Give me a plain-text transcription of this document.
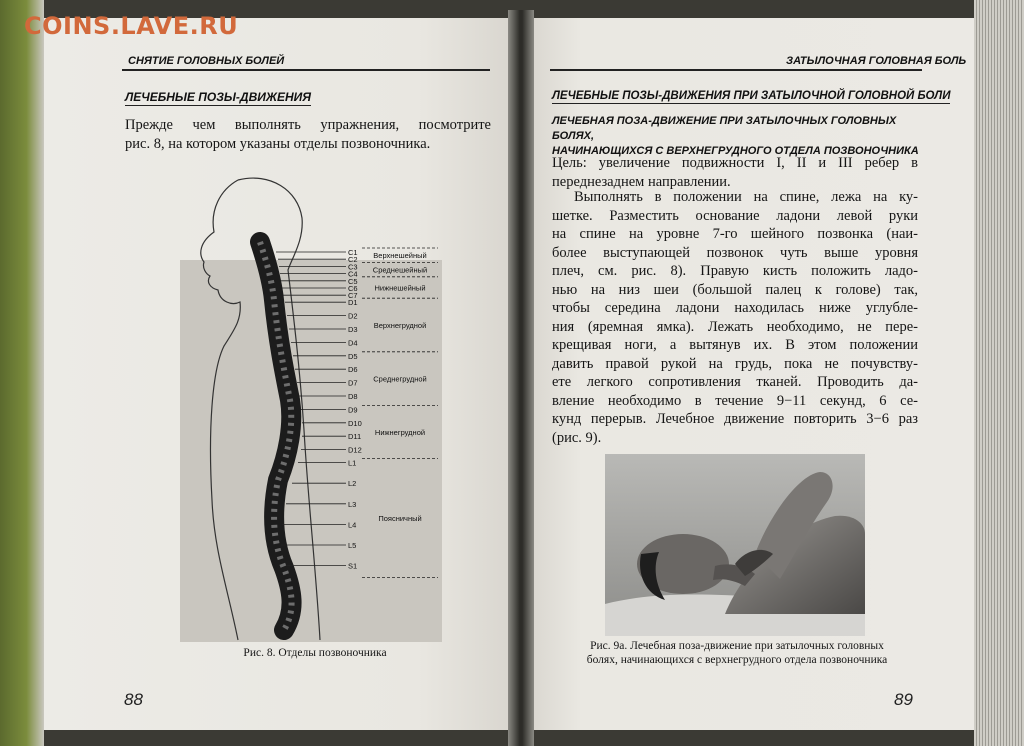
COINS.LAVE.RU
СНЯТИЕ ГОЛОВНЫХ БОЛЕЙ
ЛЕЧЕБНЫЕ ПОЗЫ-ДВИЖЕНИЯ
Прежде чем выполнять упражнения, посмотрите
рис. 8, на котором указаны отделы позвоночника.
C1
C2
C3
C4
C5
C6
C7
D1
D2
D3
D4
D5
D6
D7
D8
D9
D10
D11
D12
L1
L2
L3
L4
L5
S1
Верхнешейный
Среднешейный
Нижнешейный
Верхнегрудной
Среднегрудной
Нижнегрудной
Поясничный
Рис. 8. Отделы позвоночника
88
ЗАТЫЛОЧНАЯ ГОЛОВНАЯ БОЛЬ
ЛЕЧЕБНЫЕ ПОЗЫ-ДВИЖЕНИЯ ПРИ ЗАТЫЛОЧНОЙ ГОЛОВНОЙ БОЛИ
ЛЕЧЕБНАЯ ПОЗА-ДВИЖЕНИЕ ПРИ ЗАТЫЛОЧНЫХ ГОЛОВНЫХ БОЛЯХ,
НАЧИНАЮЩИХСЯ С ВЕРХНЕГРУДНОГО ОТДЕЛА ПОЗВОНОЧНИКА
Цель: увеличение подвижности I, II и III ребер в
переднезаднем направлении.
Выполнять в положении на спине, лежа на ку-
шетке. Разместить основание ладони левой руки
на спине на уровне 7-го шейного позвонка (наи-
более выступающей позвонок чуть выше уровня
плеч, см. рис. 8). Правую кисть положить ладо-
нью на низ шеи (большой палец к голове) так,
чтобы середина ладони находилась ниже углубле-
ния (яремная ямка). Лежать необходимо, не пере-
крещивая ноги, а вытянув их. В этом положении
давить правой рукой на грудь, пока не почувству-
ете легкого сопротивления тканей. Проводить да-
вление необходимо в течение 9−11 секунд, 6 се-
кунд перерыв. Лечебное движение повторить 3−6 раз
(рис. 9).
Рис. 9а. Лечебная поза-движение при затылочных головных
болях, начинающихся с верхнегрудного отдела позвоночника
89
